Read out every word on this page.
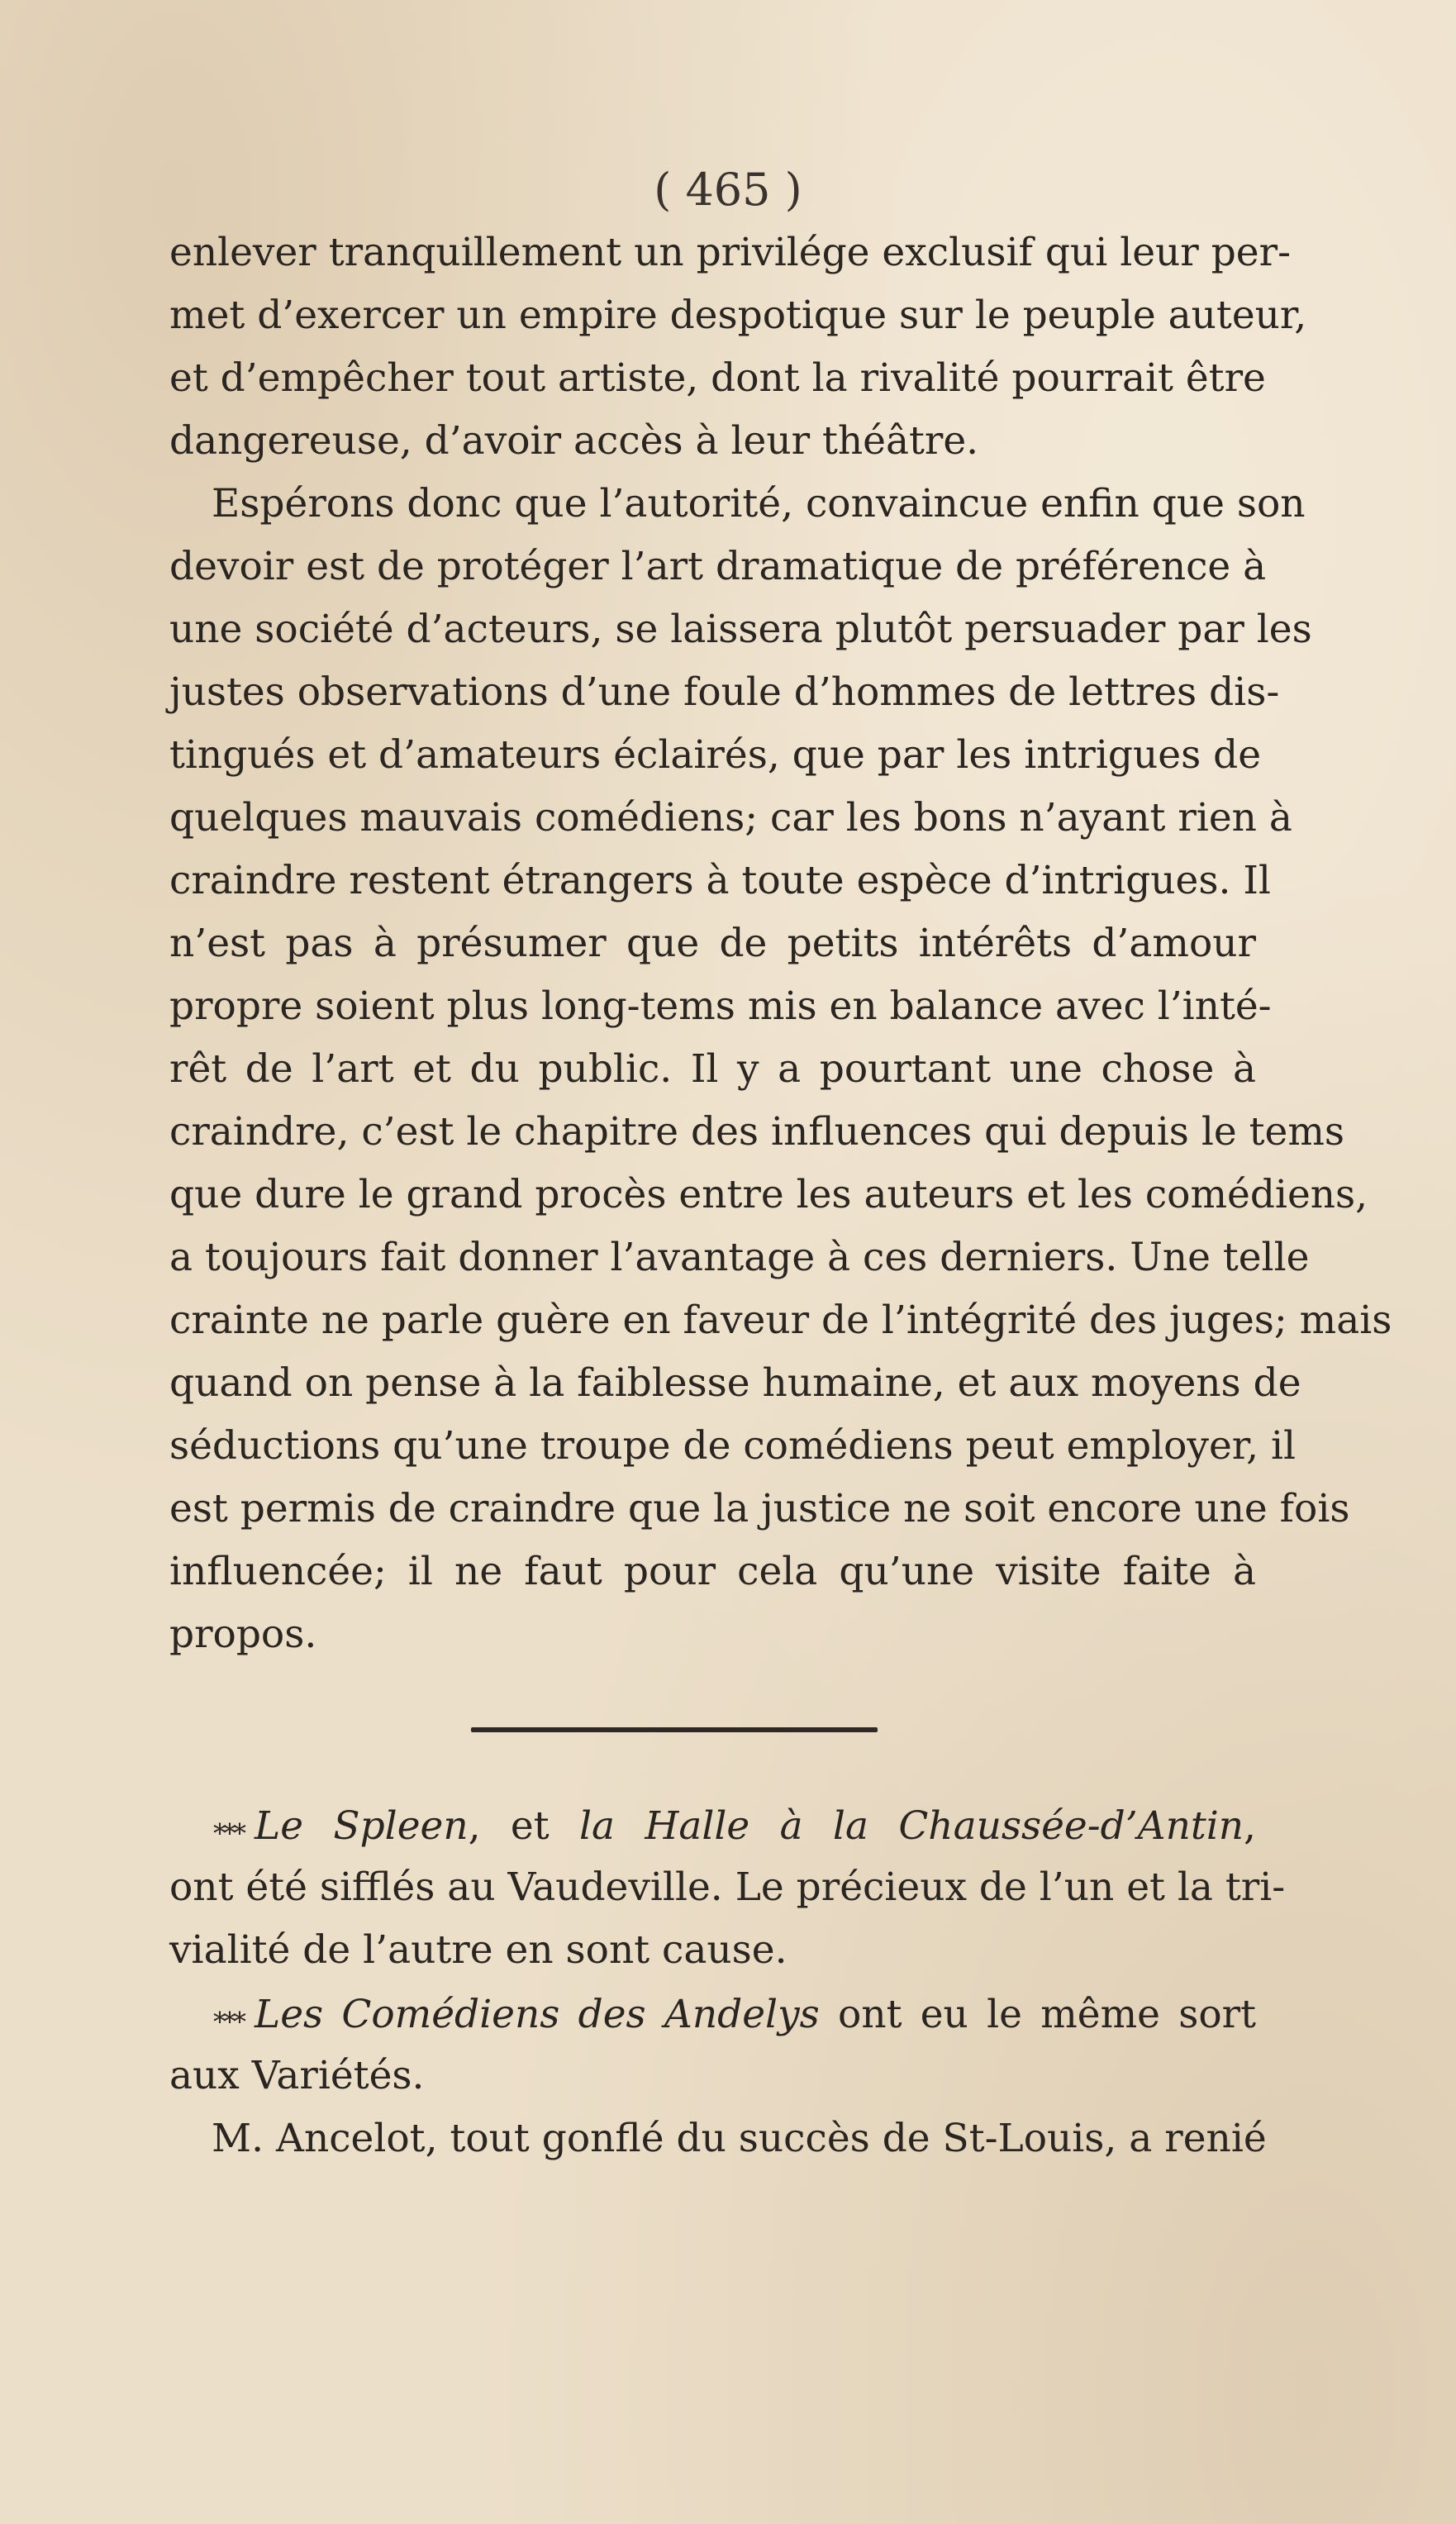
( 465 )
enlever tranquillement un privilége exclusif qui leur per-
met d’exercer un empire despotique sur le peuple auteur,
et d’empêcher tout artiste, dont la rivalité pourrait être
dangereuse, d’avoir accès à leur théâtre.
Espérons donc que l’autorité, convaincue enfin que son
devoir est de protéger l’art dramatique de préférence à
une société d’acteurs, se laissera plutôt persuader par les
justes observations d’une foule d’hommes de lettres dis-
tingués et d’amateurs éclairés, que par les intrigues de
quelques mauvais comédiens; car les bons n’ayant rien à
craindre restent étrangers à toute espèce d’intrigues. Il
n’est pas à présumer que de petits intérêts d’amour
propre soient plus long-tems mis en balance avec l’inté-
rêt de l’art et du public. Il y a pourtant une chose à
craindre, c’est le chapitre des influences qui depuis le tems
que dure le grand procès entre les auteurs et les comédiens,
a toujours fait donner l’avantage à ces derniers. Une telle
crainte ne parle guère en faveur de l’intégrité des juges; mais
quand on pense à la faiblesse humaine, et aux moyens de
séductions qu’une troupe de comédiens peut employer, il
est permis de craindre que la justice ne soit encore une fois
influencée; il ne faut pour cela qu’une visite faite à
propos.
⁎⁎⁎ Le Spleen, et la Halle à la Chaussée-d’Antin,
ont été sifflés au Vaudeville. Le précieux de l’un et la tri-
vialité de l’autre en sont cause.
⁎⁎⁎ Les Comédiens des Andelys ont eu le même sort
aux Variétés.
M. Ancelot, tout gonflé du succès de St-Louis, a renié
